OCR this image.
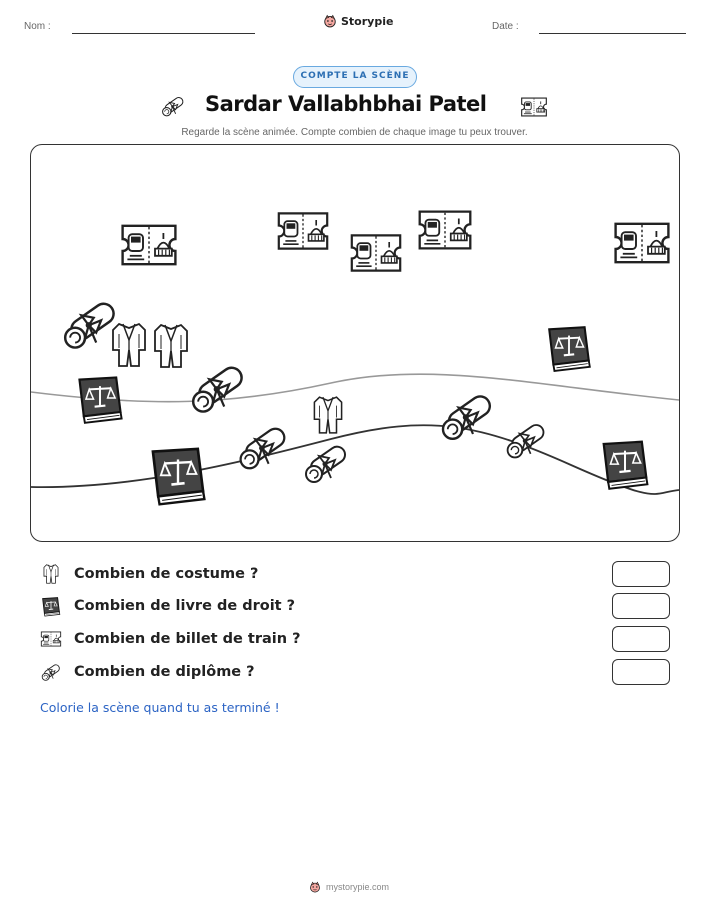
Nom :	Storypie	Date :
COMPTE LA SCÈNE
Sardar Vallabhbhai Patel
Regarde la scène animée. Compte combien de chaque image tu peux trouver.
Combien de costume ?
Combien de livre de droit ?
Combien de billet de train ?
Combien de diplôme ?
Colorie la scène quand tu as terminé !
mystorypie.com
